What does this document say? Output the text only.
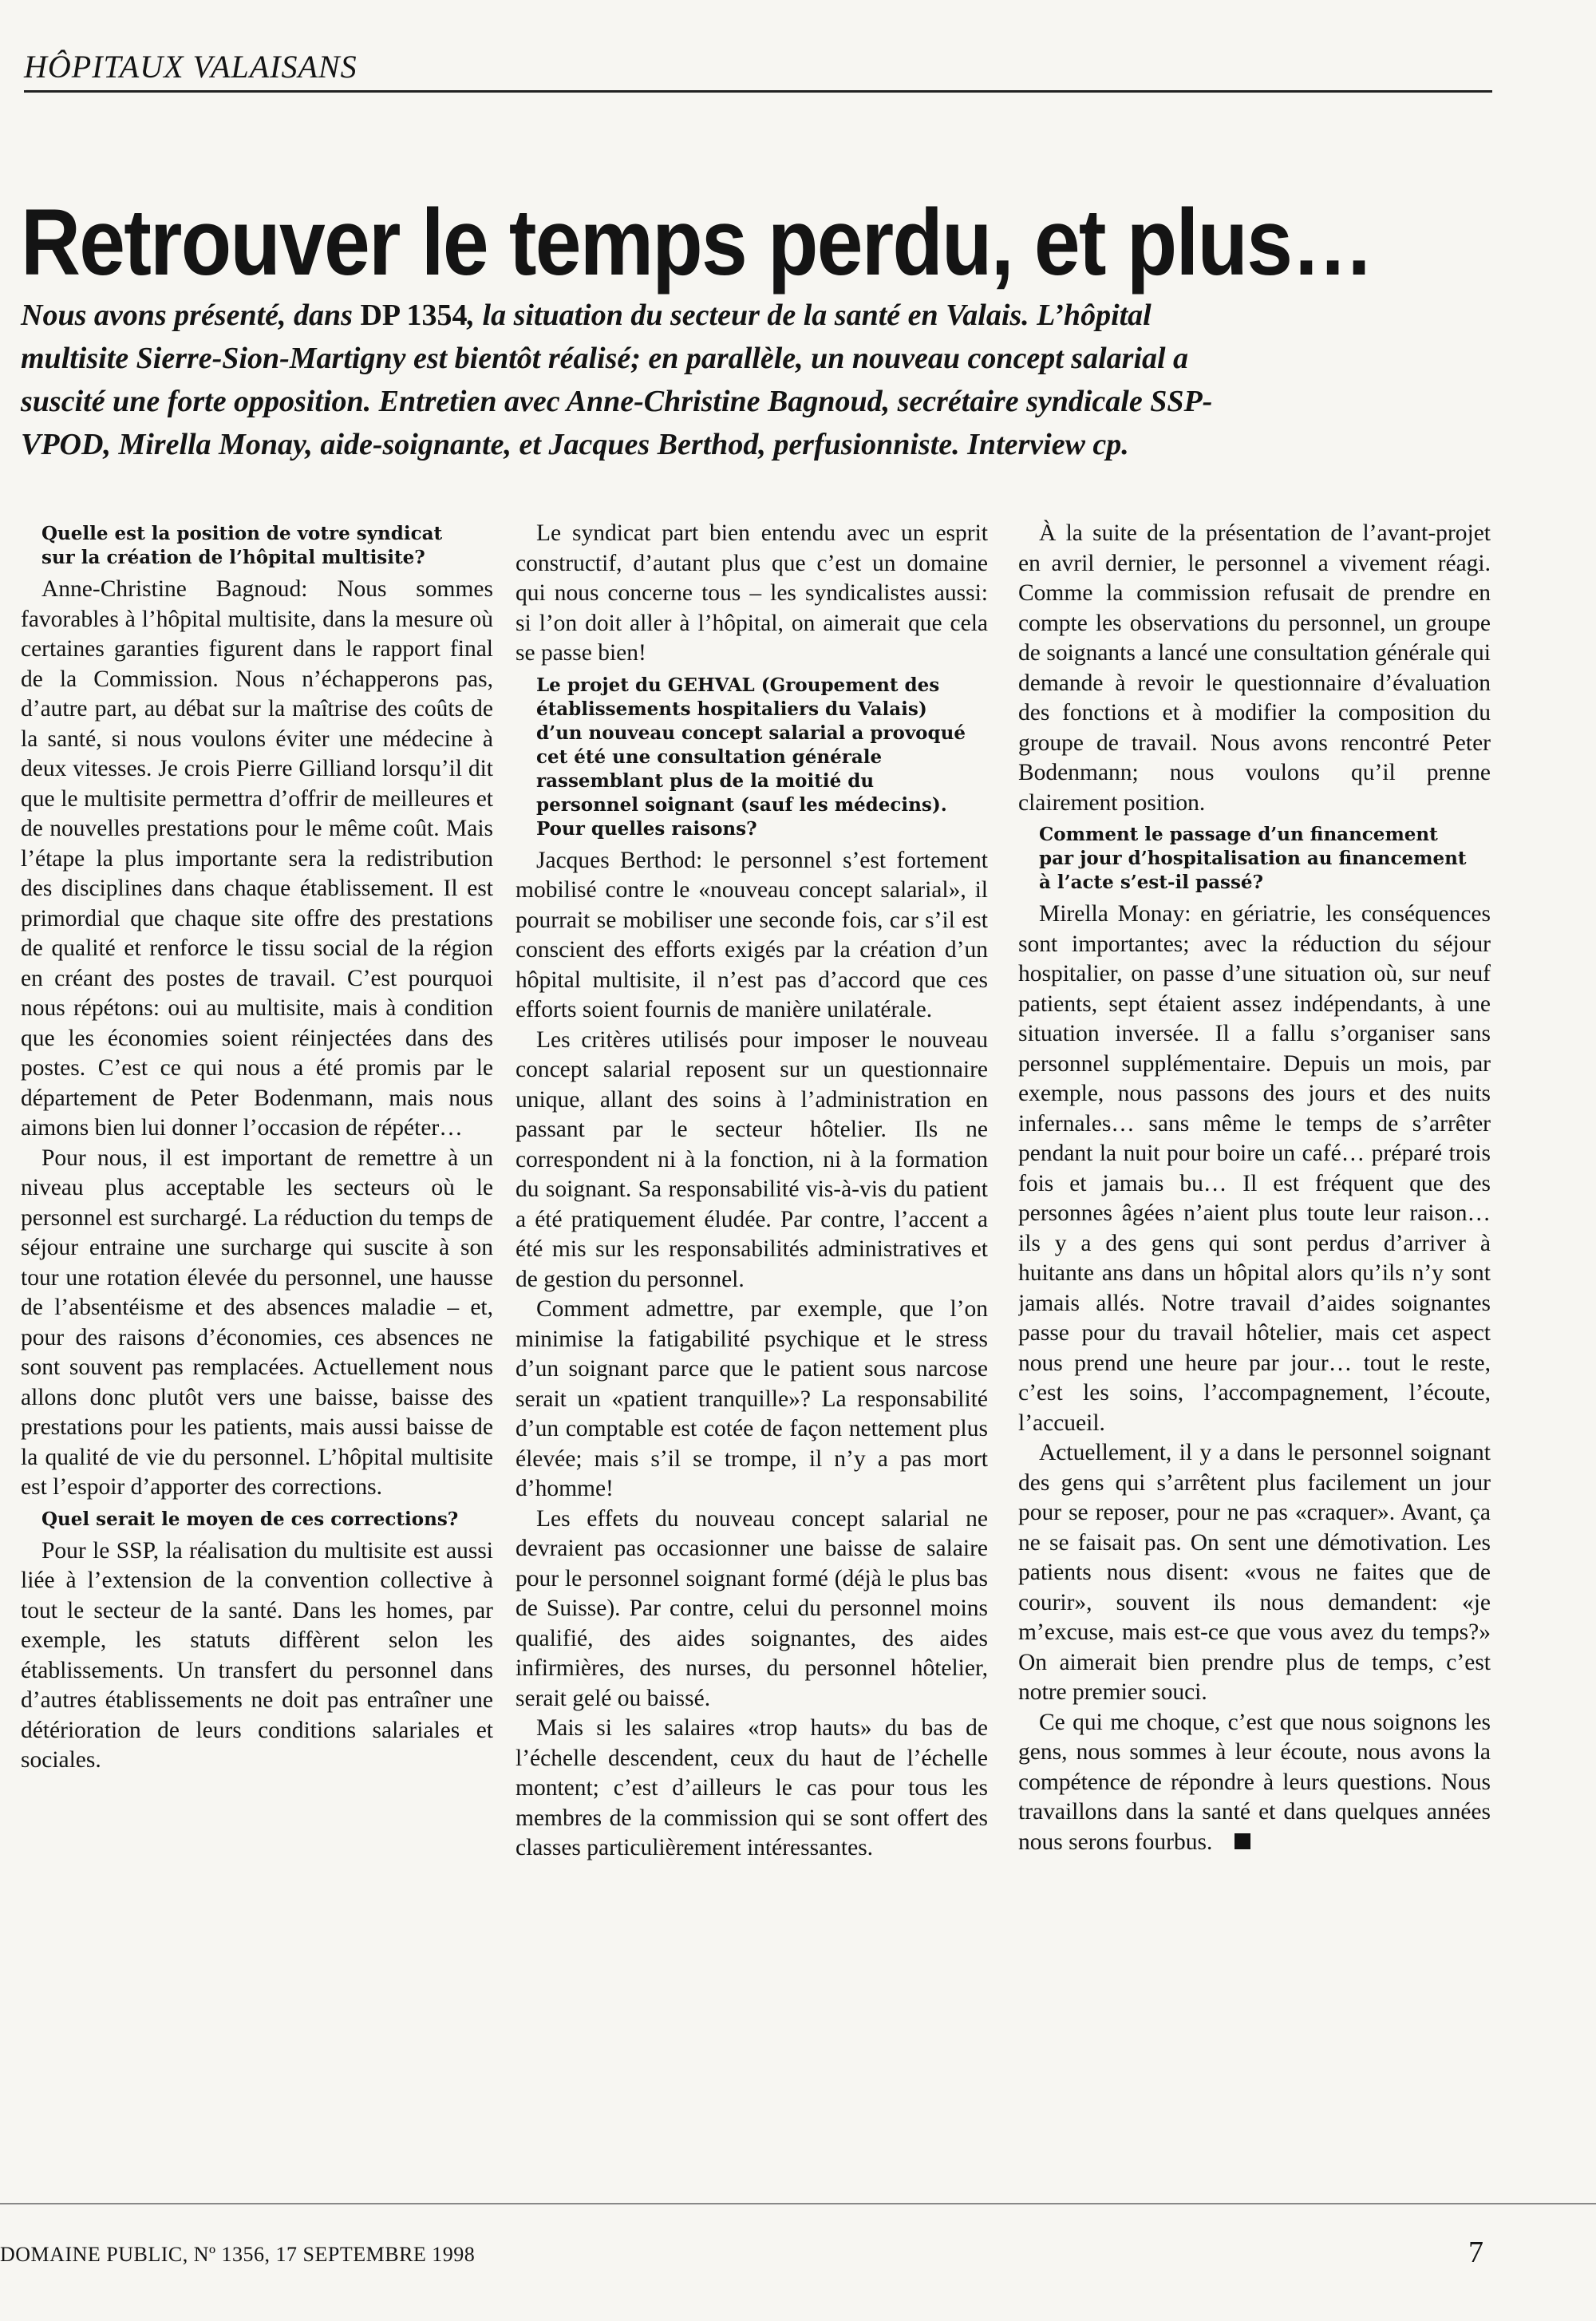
HÔPITAUX VALAISANS
Retrouver le temps perdu, et plus…
Nous avons présenté, dans DP 1354, la situation du secteur de la santé en Valais. L’hôpital multisite Sierre-Sion-Martigny est bientôt réalisé; en parallèle, un nouveau concept salarial a suscité une forte opposition. Entretien avec Anne-Christine Bagnoud, secrétaire syndicale SSP-VPOD, Mirella Monay, aide-soignante, et Jacques Berthod, perfusionniste. Interview cp.

Quelle est la position de votre syndicat sur la création de l’hôpital multisite?

Anne-Christine Bagnoud: Nous sommes favorables à l’hôpital multisite, dans la mesure où certaines garanties figurent dans le rapport final de la Commission. Nous n’échapperons pas, d’autre part, au débat sur la maîtrise des coûts de la santé, si nous voulons éviter une médecine à deux vitesses. Je crois Pierre Gilliand lorsqu’il dit que le multisite permettra d’offrir de meilleures et de nouvelles prestations pour le même coût. Mais l’étape la plus importante sera la redistribution des disciplines dans chaque établissement. Il est primordial que chaque site offre des prestations de qualité et renforce le tissu social de la région en créant des postes de travail. C’est pourquoi nous répétons: oui au multisite, mais à condition que les économies soient réinjectées dans des postes. C’est ce qui nous a été promis par le département de Peter Bodenmann, mais nous aimons bien lui donner l’occasion de répéter…

Pour nous, il est important de remettre à un niveau plus acceptable les secteurs où le personnel est surchargé. La réduction du temps de séjour entraine une surcharge qui suscite à son tour une rotation élevée du personnel, une hausse de l’absentéisme et des absences maladie – et, pour des raisons d’économies, ces absences ne sont souvent pas remplacées. Actuellement nous allons donc plutôt vers une baisse, baisse des prestations pour les patients, mais aussi baisse de la qualité de vie du personnel. L’hôpital multisite est l’espoir d’apporter des corrections.

Quel serait le moyen de ces corrections?

Pour le SSP, la réalisation du multisite est aussi liée à l’extension de la convention collective à tout le secteur de la santé. Dans les homes, par exemple, les statuts diffèrent selon les établissements. Un transfert du personnel dans d’autres établissements ne doit pas entraîner une détérioration de leurs conditions salariales et sociales.

Le syndicat part bien entendu avec un esprit constructif, d’autant plus que c’est un domaine qui nous concerne tous – les syndicalistes aussi: si l’on doit aller à l’hôpital, on aimerait que cela se passe bien!

Le projet du GEHVAL (Groupement des établissements hospitaliers du Valais) d’un nouveau concept salarial a provoqué cet été une consultation générale rassemblant plus de la moitié du personnel soignant (sauf les médecins). Pour quelles raisons?

Jacques Berthod: le personnel s’est fortement mobilisé contre le «nouveau concept salarial», il pourrait se mobiliser une seconde fois, car s’il est conscient des efforts exigés par la création d’un hôpital multisite, il n’est pas d’accord que ces efforts soient fournis de manière unilatérale.

Les critères utilisés pour imposer le nouveau concept salarial reposent sur un questionnaire unique, allant des soins à l’administration en passant par le secteur hôtelier. Ils ne correspondent ni à la fonction, ni à la formation du soignant. Sa responsabilité vis-à-vis du patient a été pratiquement éludée. Par contre, l’accent a été mis sur les responsabilités administratives et de gestion du personnel.

Comment admettre, par exemple, que l’on minimise la fatigabilité psychique et le stress d’un soignant parce que le patient sous narcose serait un «patient tranquille»? La responsabilité d’un comptable est cotée de façon nettement plus élevée; mais s’il se trompe, il n’y a pas mort d’homme!

Les effets du nouveau concept salarial ne devraient pas occasionner une baisse de salaire pour le personnel soignant formé (déjà le plus bas de Suisse). Par contre, celui du personnel moins qualifié, des aides soignantes, des aides infirmières, des nurses, du personnel hôtelier, serait gelé ou baissé.

Mais si les salaires «trop hauts» du bas de l’échelle descendent, ceux du haut de l’échelle montent; c’est d’ailleurs le cas pour tous les membres de la commission qui se sont offert des classes particulièrement intéressantes.

À la suite de la présentation de l’avant-projet en avril dernier, le personnel a vivement réagi. Comme la commission refusait de prendre en compte les observations du personnel, un groupe de soignants a lancé une consultation générale qui demande à revoir le questionnaire d’évaluation des fonctions et à modifier la composition du groupe de travail. Nous avons rencontré Peter Bodenmann; nous voulons qu’il prenne clairement position.

Comment le passage d’un financement par jour d’hospitalisation au financement à l’acte s’est-il passé?

Mirella Monay: en gériatrie, les conséquences sont importantes; avec la réduction du séjour hospitalier, on passe d’une situation où, sur neuf patients, sept étaient assez indépendants, à une situation inversée. Il a fallu s’organiser sans personnel supplémentaire. Depuis un mois, par exemple, nous passons des jours et des nuits infernales… sans même le temps de s’arrêter pendant la nuit pour boire un café… préparé trois fois et jamais bu… Il est fréquent que des personnes âgées n’aient plus toute leur raison… ils y a des gens qui sont perdus d’arriver à huitante ans dans un hôpital alors qu’ils n’y sont jamais allés. Notre travail d’aides soignantes passe pour du travail hôtelier, mais cet aspect nous prend une heure par jour… tout le reste, c’est les soins, l’accompagnement, l’écoute, l’accueil.

Actuellement, il y a dans le personnel soignant des gens qui s’arrêtent plus facilement un jour pour se reposer, pour ne pas «craquer». Avant, ça ne se faisait pas. On sent une démotivation. Les patients nous disent: «vous ne faites que de courir», souvent ils nous demandent: «je m’excuse, mais est-ce que vous avez du temps?» On aimerait bien prendre plus de temps, c’est notre premier souci.

Ce qui me choque, c’est que nous soignons les gens, nous sommes à leur écoute, nous avons la compétence de répondre à leurs questions. Nous travaillons dans la santé et dans quelques années nous serons fourbus.

DOMAINE PUBLIC, Nº 1356, 17 SEPTEMBRE 1998	7
